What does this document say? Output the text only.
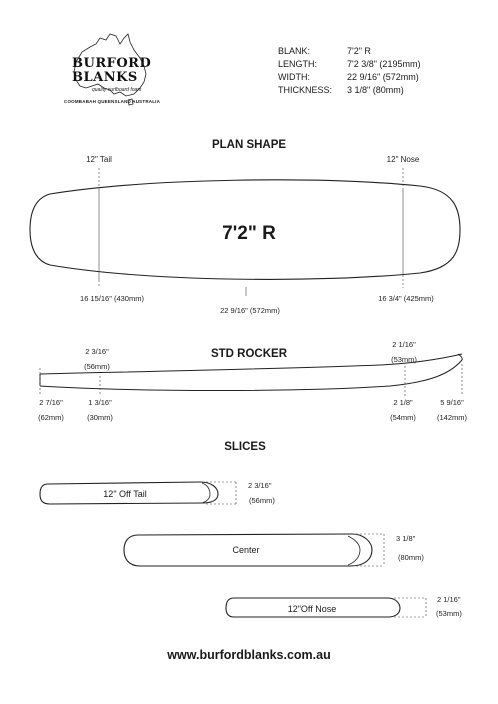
BURFORD
BLANKS
quality surfboard foam
COOMBABAH QUEENSLAND AUSTRALIA
BLANK:	7'2" R
LENGTH:	7'2 3/8" (2195mm)
WIDTH:	22 9/16" (572mm)
THICKNESS: 3 1/8" (80mm)
PLAN SHAPE
12" Tail	12" Nose
7'2" R
16 15/16" (430mm)
22 9/16" (572mm)
16 3/4" (425mm)
STD ROCKER
2 3/16"
(56mm)
2 1/16"
(53mm)
2 7/16"
(62mm)
1 3/16"
(30mm)
2 1/8"
(54mm)
5 9/16"
(142mm)
SLICES
12" Off Tail
2 3/16"
(56mm)
Center
3 1/8"
(80mm)
12"Off Nose
2 1/16"
(53mm)
www.burfordblanks.com.au
